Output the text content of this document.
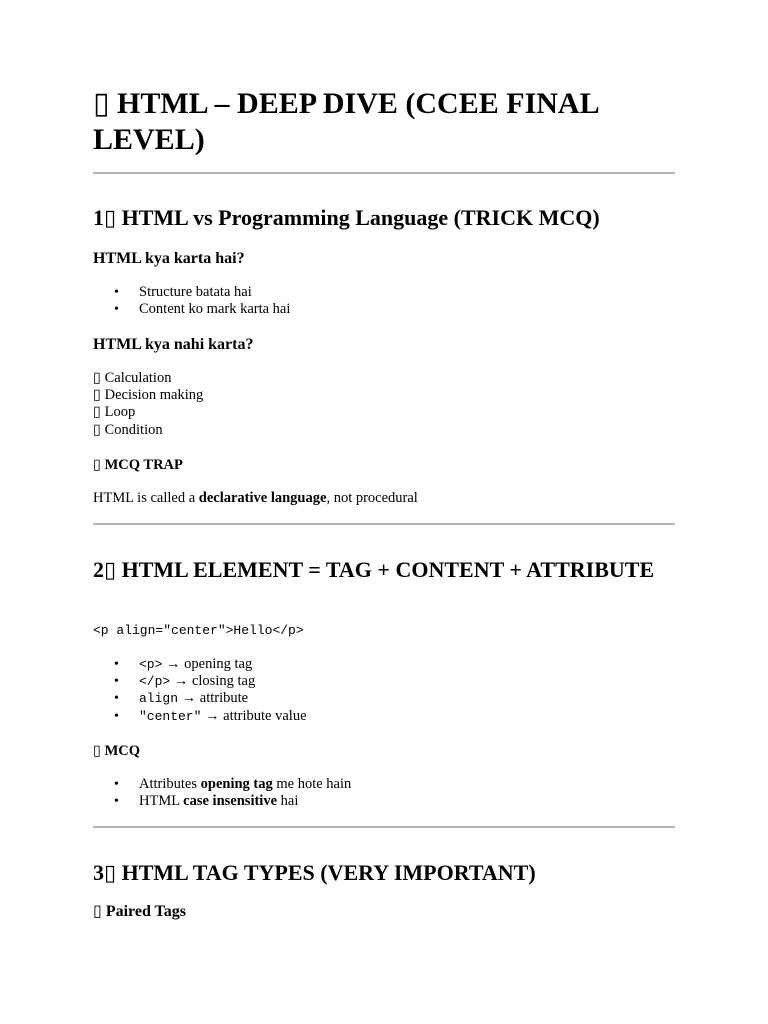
▯ HTML – DEEP DIVE (CCEE FINAL LEVEL)
1▯ HTML vs Programming Language (TRICK MCQ)
HTML kya karta hai?
• Structure batata hai
• Content ko mark karta hai
HTML kya nahi karta?
▯ Calculation
▯ Decision making
▯ Loop
▯ Condition
▯ MCQ TRAP

HTML is called a declarative language, not procedural

2▯ HTML ELEMENT = TAG + CONTENT + ATTRIBUTE
<p align="center">Hello</p>
• <p> → opening tag
• </p> → closing tag
• align → attribute
• "center" → attribute value
▯ MCQ
• Attributes opening tag me hote hain
• HTML case insensitive hai
3▯ HTML TAG TYPES (VERY IMPORTANT)
▯ Paired Tags
